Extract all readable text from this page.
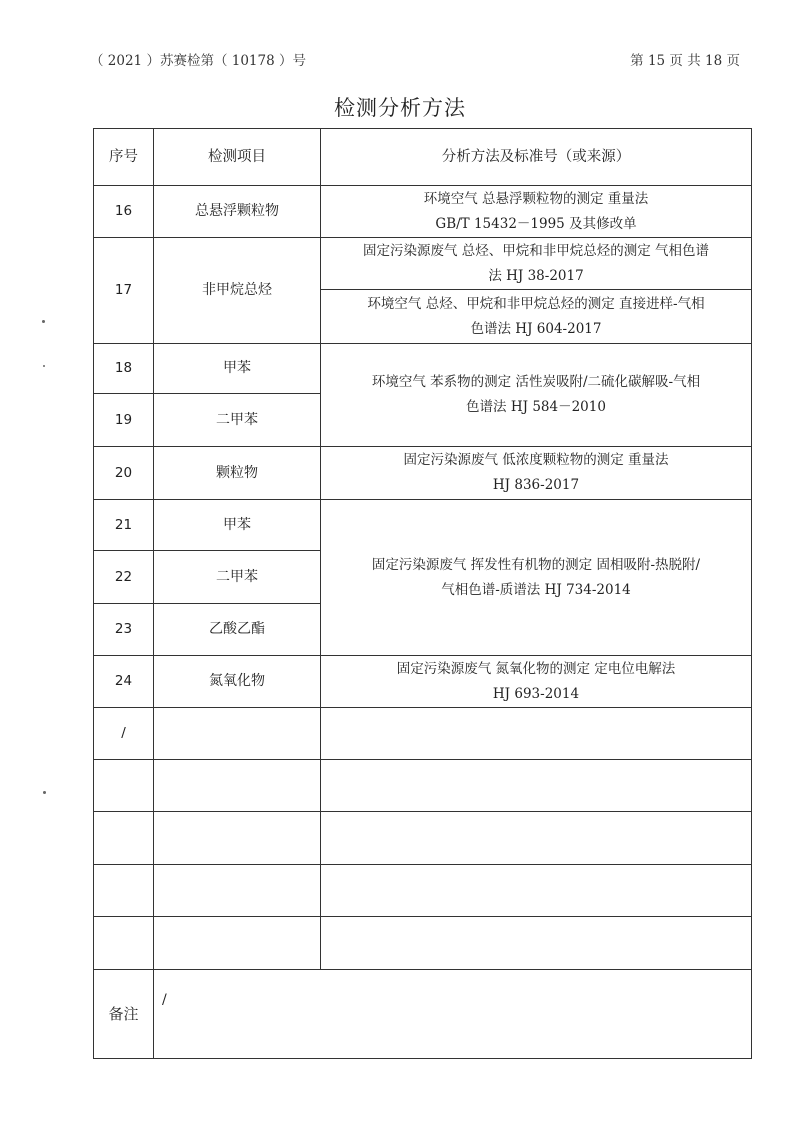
（ 2021 ）苏赛检第（ 10178 ）号	第 15 页 共 18 页
检测分析方法
序号	检测项目	分析方法及标准号（或来源）
16	总悬浮颗粒物	环境空气 总悬浮颗粒物的测定 重量法
GB/T 15432－1995 及其修改单
17	非甲烷总烃	固定污染源废气 总烃、甲烷和非甲烷总烃的测定 气相色谱
法 HJ 38-2017
		环境空气 总烃、甲烷和非甲烷总烃的测定 直接进样-气相
色谱法 HJ 604-2017
18	甲苯	环境空气 苯系物的测定 活性炭吸附/二硫化碳解吸-气相
色谱法 HJ 584－2010
19	二甲苯	
20	颗粒物	固定污染源废气 低浓度颗粒物的测定 重量法
HJ 836-2017
21	甲苯	固定污染源废气 挥发性有机物的测定 固相吸附-热脱附/
气相色谱-质谱法 HJ 734-2014
22	二甲苯	
23	乙酸乙酯	
24	氮氧化物	固定污染源废气 氮氧化物的测定 定电位电解法
HJ 693-2014
/		

备注	/	
